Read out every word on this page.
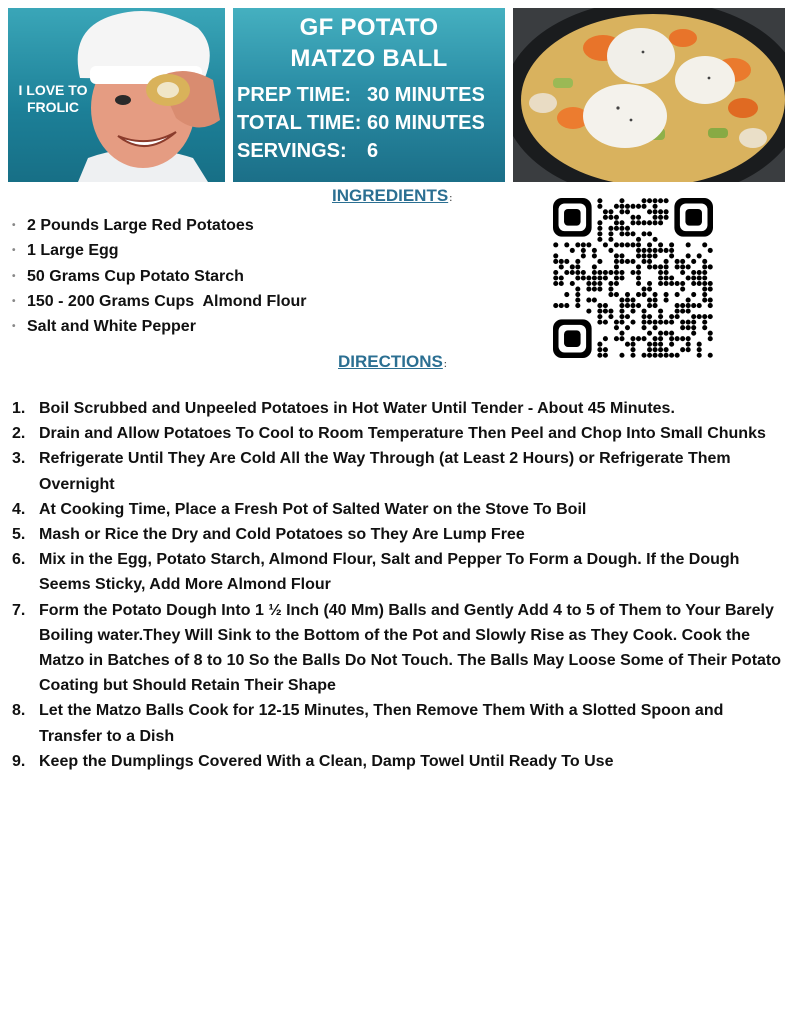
I LOVE TO FROLIC
GF POTATO
MATZO BALL
PREP TIME: 30 MINUTES
TOTAL TIME: 60 MINUTES
SERVINGS: 6
INGREDIENTS:
• 2 Pounds Large Red Potatoes
• 1 Large Egg
• 50 Grams Cup Potato Starch
• 150 - 200 Grams Cups  Almond Flour
• Salt and White Pepper
DIRECTIONS:
1. Boil Scrubbed and Unpeeled Potatoes in Hot Water Until Tender - About 45 Minutes.
2. Drain and Allow Potatoes To Cool to Room Temperature Then Peel and Chop Into Small Chunks
3. Refrigerate Until They Are Cold All the Way Through (at Least 2 Hours) or Refrigerate Them Overnight
4. At Cooking Time, Place a Fresh Pot of Salted Water on the Stove To Boil
5. Mash or Rice the Dry and Cold Potatoes so They Are Lump Free
6. Mix in the Egg, Potato Starch, Almond Flour, Salt and Pepper To Form a Dough. If the Dough Seems Sticky, Add More Almond Flour
7. Form the Potato Dough Into 1 ½ Inch (40 Mm) Balls and Gently Add 4 to 5 of Them to Your Barely Boiling water.They Will Sink to the Bottom of the Pot and Slowly Rise as They Cook. Cook the Matzo in Batches of 8 to 10 So the Balls Do Not Touch. The Balls May Loose Some of Their Potato Coating but Should Retain Their Shape
8. Let the Matzo Balls Cook for 12-15 Minutes, Then Remove Them With a Slotted Spoon and Transfer to a Dish
9. Keep the Dumplings Covered With a Clean, Damp Towel Until Ready To Use
